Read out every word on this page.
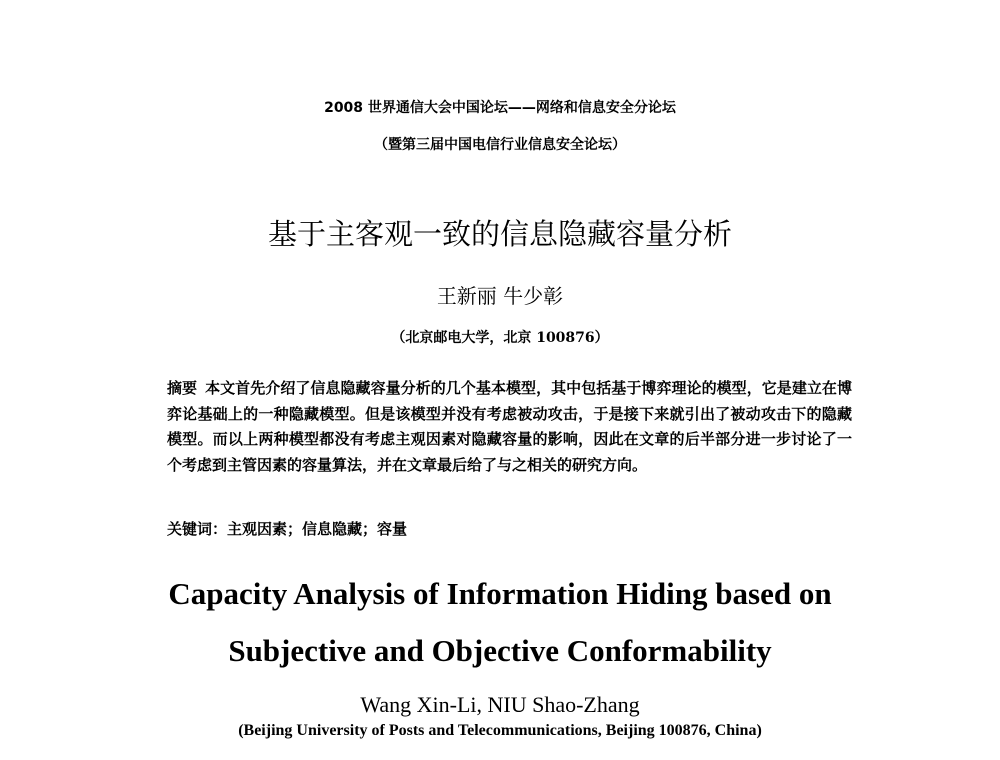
2008 世界通信大会中国论坛——网络和信息安全分论坛
（暨第三届中国电信行业信息安全论坛）
基于主客观一致的信息隐藏容量分析
王新丽 牛少彰
（北京邮电大学，北京 100876）
摘要 本文首先介绍了信息隐藏容量分析的几个基本模型，其中包括基于博弈理论的模型，它是建立在博弈论基础上的一种隐藏模型。但是该模型并没有考虑被动攻击，于是接下来就引出了被动攻击下的隐藏模型。而以上两种模型都没有考虑主观因素对隐藏容量的影响，因此在文章的后半部分进一步讨论了一个考虑到主管因素的容量算法，并在文章最后给了与之相关的研究方向。
关键词：主观因素；信息隐藏；容量
Capacity Analysis of Information Hiding based on
Subjective and Objective Conformability
Wang Xin-Li, NIU Shao-Zhang
(Beijing University of Posts and Telecommunications, Beijing 100876, China)
